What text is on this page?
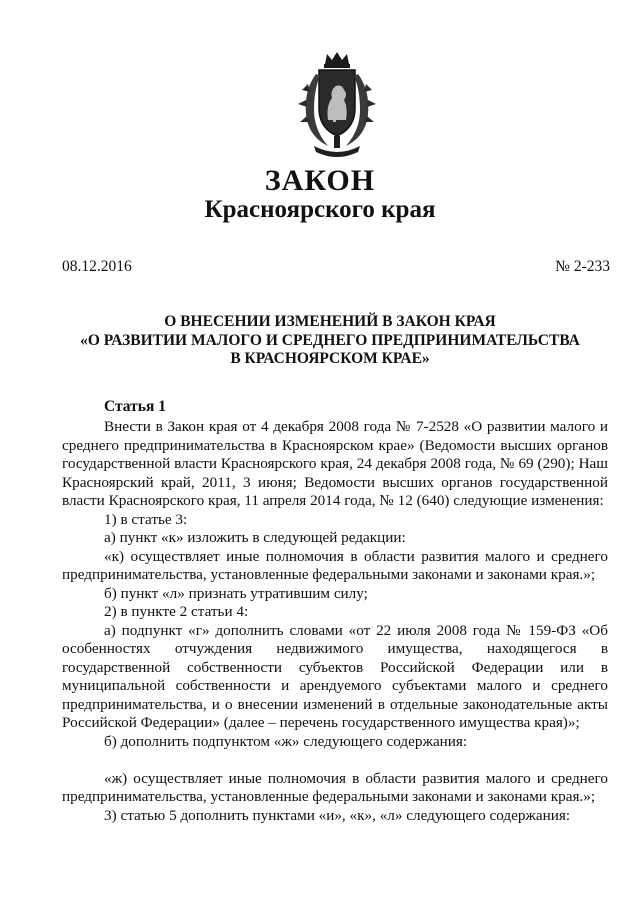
ЗАКОН
Красноярского края
08.12.2016	№ 2-233
О ВНЕСЕНИИ ИЗМЕНЕНИЙ В ЗАКОН КРАЯ
«О РАЗВИТИИ МАЛОГО И СРЕДНЕГО ПРЕДПРИНИМАТЕЛЬСТВА
В КРАСНОЯРСКОМ КРАЕ»
Статья 1

Внести в Закон края от 4 декабря 2008 года № 7-2528 «О развитии малого и среднего предпринимательства в Красноярском крае» (Ведомости высших органов государственной власти Красноярского края, 24 декабря 2008 года, № 69 (290); Наш Красноярский край, 2011, 3 июня; Ведомости высших органов государственной власти Красноярского края, 11 апреля 2014 года, № 12 (640) следующие изменения:

1) в статье 3:

а) пункт «к» изложить в следующей редакции:

«к) осуществляет иные полномочия в области развития малого и среднего предпринимательства, установленные федеральными законами и законами края.»;

б) пункт «л» признать утратившим силу;

2) в пункте 2 статьи 4:

а) подпункт «г» дополнить словами «от 22 июля 2008 года № 159-ФЗ «Об особенностях отчуждения недвижимого имущества, находящегося в государственной собственности субъектов Российской Федерации или в муниципальной собственности и арендуемого субъектами малого и среднего предпринимательства, и о внесении изменений в отдельные законодательные акты Российской Федерации» (далее – перечень государственного имущества края)»;

б) дополнить подпунктом «ж» следующего содержания:

«ж) осуществляет иные полномочия в области развития малого и среднего предпринимательства, установленные федеральными законами и законами края.»;

3) статью 5 дополнить пунктами «и», «к», «л» следующего содержания:
